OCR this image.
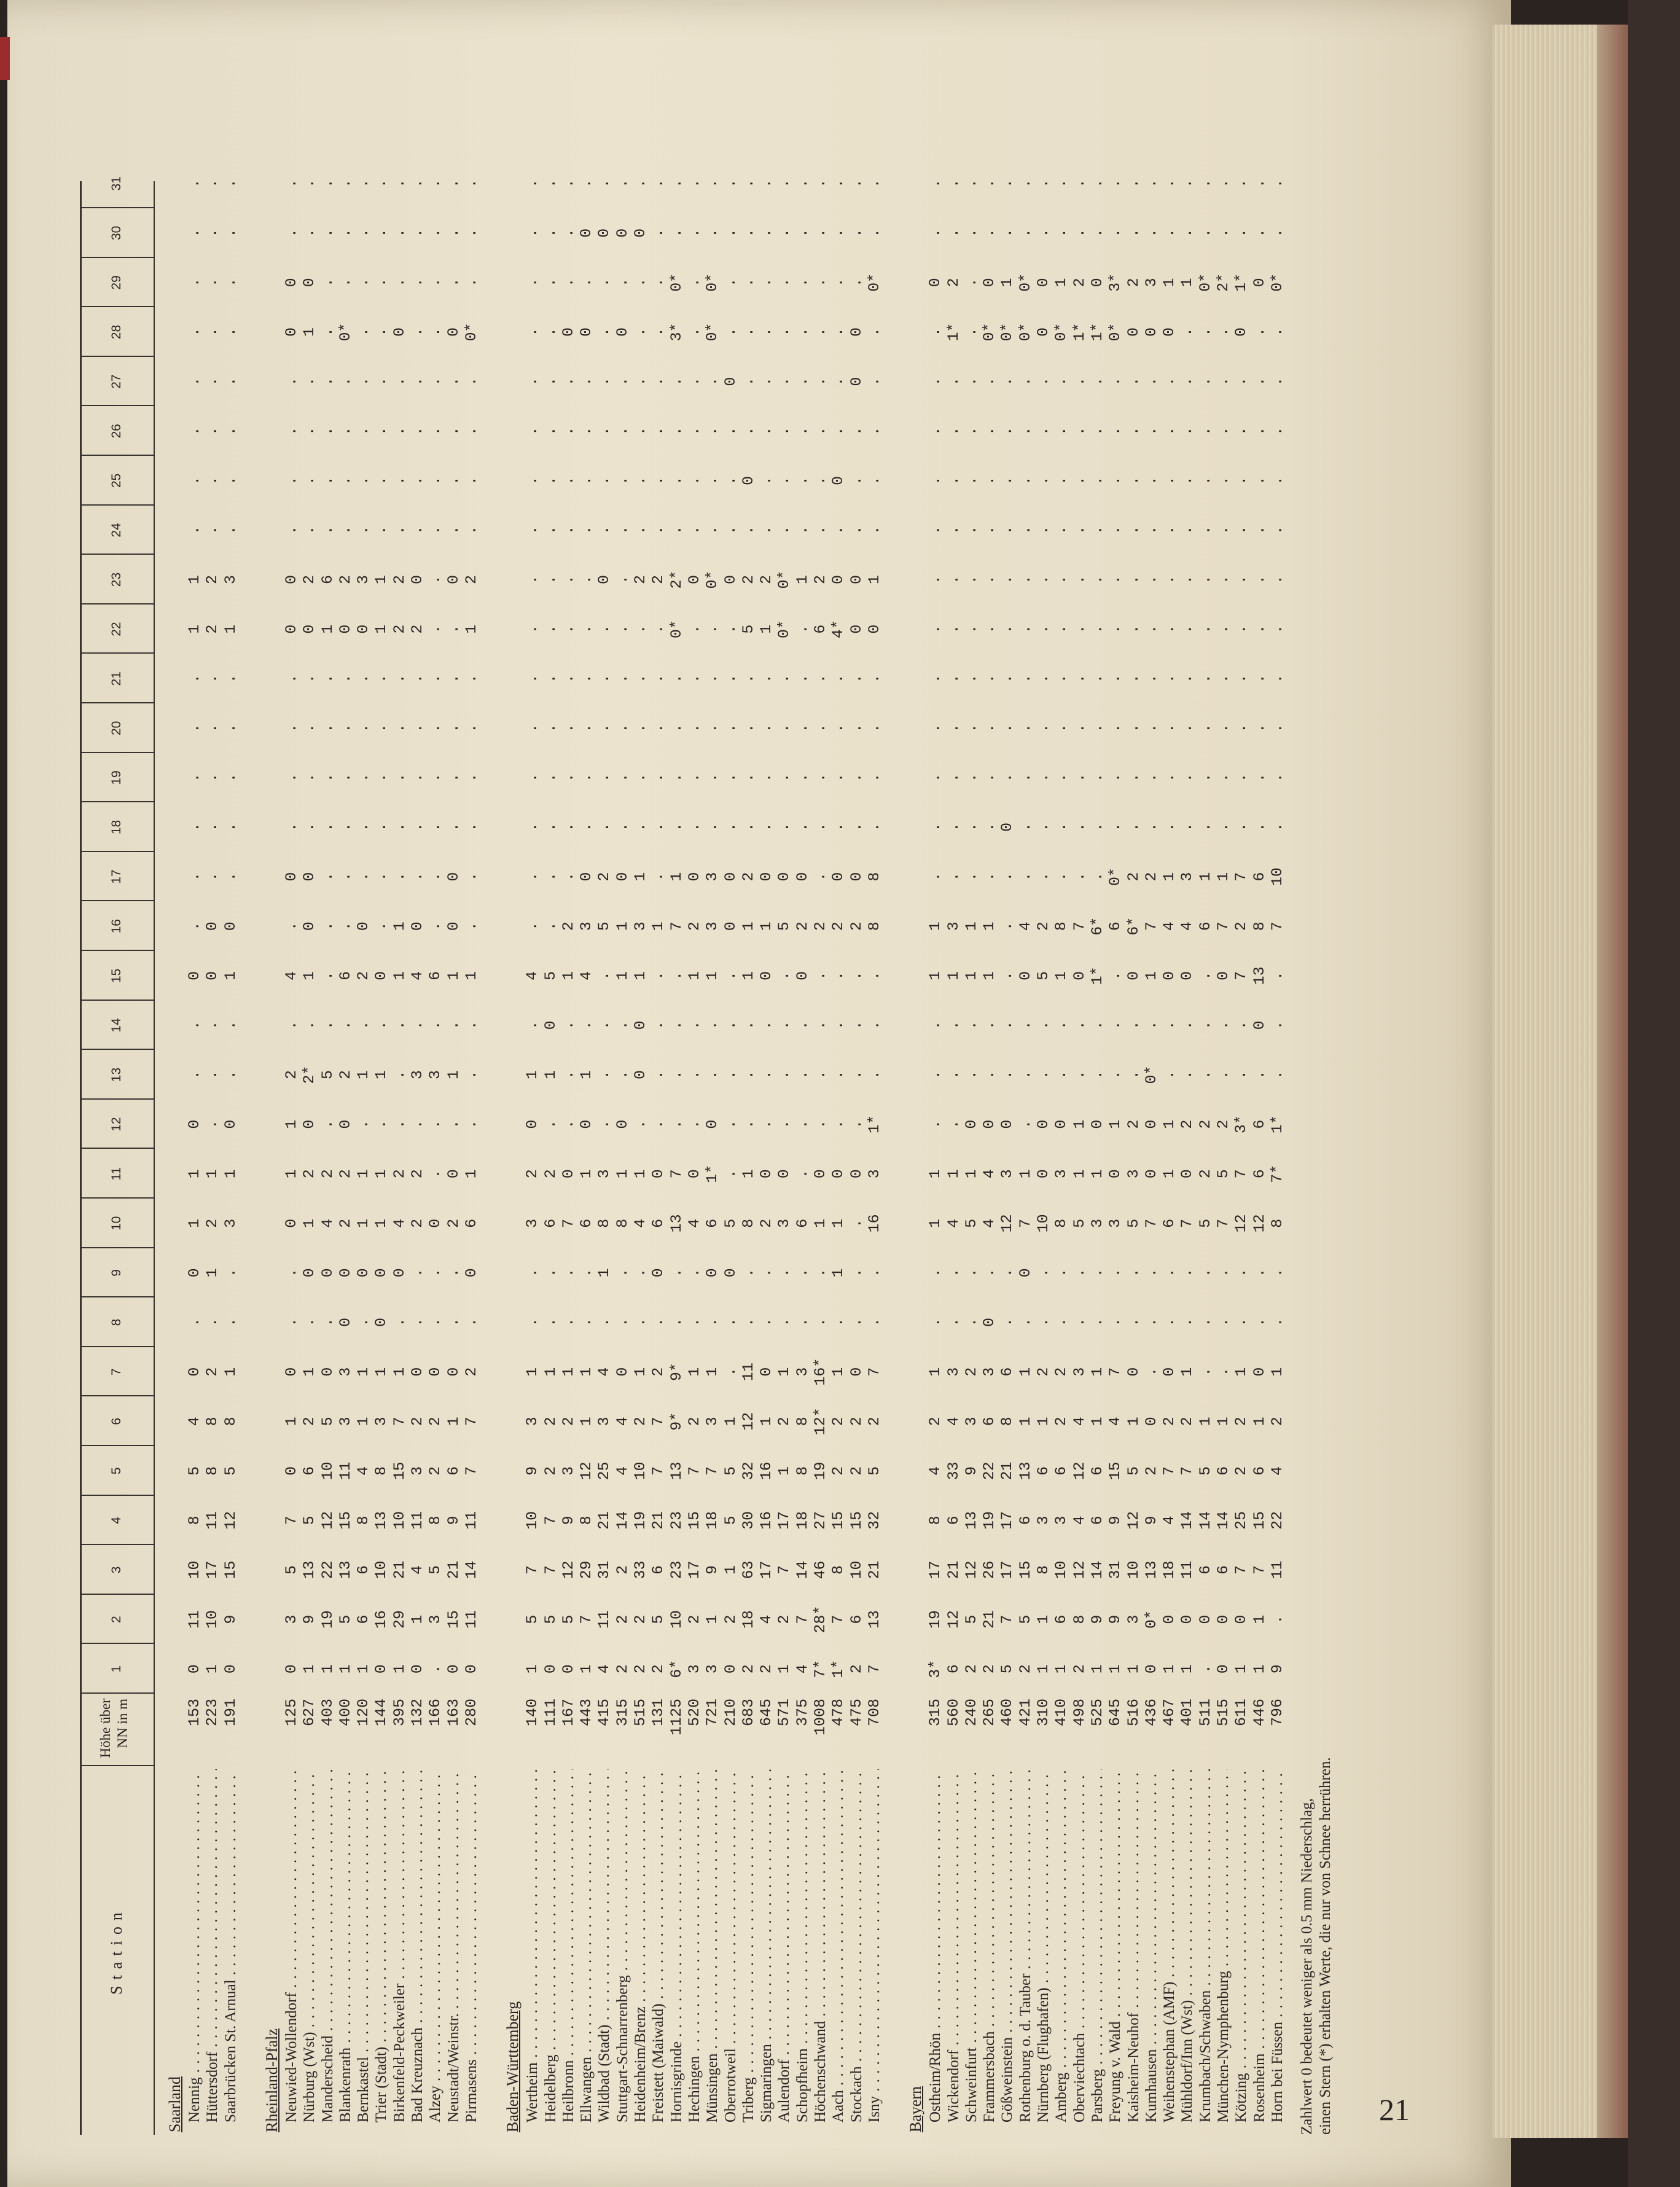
Station
Höhe über NN in m
1
2
3
4
5
6
7
8
9
10
11
12
13
14
15
16
17
18
19
20
21
22
23
24
25
26
27
28
29
30
31
Saarland Nennig . . .
153
0
11
10
8
5
4
0
.
0
1
1
0
.
.
0
.
.
.
.
.
.
1
1
.
.
.
.
.
.
.
.
Hüttersdorf . . .
223
1
10
17
11
8
8
2
.
1
2
1
.
.
.
0
0
.
.
.
.
.
2
2
.
.
.
.
.
.
.
.
Saarbrücken St. Arnual . . .
191
0
9
15
12
5
8
1
.
.
3
1
0
.
.
1
0
.
.
.
.
.
1
3
.
.
.
.
.
.
.
.
Rheinland-Pfalz Neuwied-Wollendorf . . .
125
0
3
5
7
0
1
0
.
.
0
1
1
2
.
4
.
0
.
.
.
.
0
0
.
.
.
.
0
0
.
.
Nürburg (Wst) . . .
627
1
9
13
5
6
2
1
.
0
1
2
0
2*
.
1
0
0
.
.
.
.
0
2
.
.
.
.
1
0
.
.
Manderscheid . . .
403
1
19
22
12
10
5
0
.
0
4
2
.
5
.
.
.
.
.
.
.
.
1
6
.
.
.
.
.
.
.
.
Blankenrath . . .
400
1
5
13
15
11
3
3
0
0
2
2
0
2
.
6
.
.
.
.
.
.
0
2
.
.
.
.
0*
.
.
.
Bernkastel . . .
120
1
6
6
8
4
1
1
.
0
1
1
.
1
.
2
0
.
.
.
.
.
0
3
.
.
.
.
.
.
.
.
Trier (Stadt) . . .
144
0
16
10
13
8
3
1
0
0
1
1
.
1
.
0
.
.
.
.
.
.
1
1
.
.
.
.
.
.
.
.
Birkenfeld-Peckweiler . . .
395
1
29
21
10
15
7
1
.
0
4
2
.
.
.
1
1
.
.
.
.
.
2
2
.
.
.
.
0
.
.
.
Bad Kreuznach . . .
132
0
1
4
11
3
2
0
.
.
2
2
.
3
.
4
0
.
.
.
.
.
2
0
.
.
.
.
.
.
.
.
Alzey . . .
166
.
3
5
8
2
2
0
.
.
0
.
.
3
.
6
.
.
.
.
.
.
.
.
.
.
.
.
.
.
.
.
Neustadt/Weinstr. . . .
163
0
15
21
9
6
1
0
.
.
2
0
.
1
.
1
0
0
.
.
.
.
.
0
.
.
.
.
0
.
.
.
Pirmasens . . .
280
0
11
14
11
7
7
2
.
0
6
1
.
.
.
1
.
.
.
.
.
.
1
2
.
.
.
.
0*
.
.
.
Baden-Württemberg Wertheim . . .
140
1
5
7
10
9
3
1
.
.
3
2
0
1
.
4
.
.
.
.
.
.
.
.
.
.
.
.
.
.
.
.
Heidelberg . . .
111
0
5
7
7
2
2
1
.
.
6
2
.
1
0
5
.
.
.
.
.
.
.
.
.
.
.
.
.
.
.
.
Heilbronn . . .
167
0
5
12
9
3
2
1
.
.
7
0
.
.
.
1
2
.
.
.
.
.
.
.
.
.
.
.
0
.
.
.
Ellwangen . . .
443
1
7
29
8
12
1
1
.
.
6
1
0
1
.
4
3
0
.
.
.
.
.
.
.
.
.
.
0
.
0
.
Wildbad (Stadt) . . .
415
4
11
31
21
25
3
4
.
1
8
3
.
.
.
.
5
2
.
.
.
.
.
0
.
.
.
.
.
.
0
.
Stuttgart-Schnarrenberg . . .
315
2
2
2
14
4
4
0
.
.
8
1
0
.
.
1
1
0
.
.
.
.
.
.
.
.
.
.
0
.
0
.
Heidenheim/Brenz . . .
515
2
2
33
19
10
2
1
.
.
4
1
.
0
0
1
3
1
.
.
.
.
.
2
.
.
.
.
.
.
0
.
Freistett (Maiwald) . . .
131
2
5
6
21
7
7
2
.
0
6
0
.
.
.
.
1
.
.
.
.
.
.
2
.
.
.
.
.
.
.
.
Hornisgrinde . . .
1125
6*
10
23
23
13
9*
9*
.
.
13
7
.
.
.
.
7
1
.
.
.
.
0*
2*
.
.
.
.
3*
0*
.
.
Hechingen . . .
520
3
2
17
15
7
2
1
.
.
4
0
.
.
.
1
2
0
.
.
.
.
.
0
.
.
.
.
.
.
.
.
Münsingen . . .
721
3
1
9
18
7
3
1
.
0
6
1*
0
.
.
1
3
3
.
.
.
.
.
0*
.
.
.
.
0*
0*
.
.
Oberrotweil . . .
210
0
2
1
5
5
1
.
.
0
5
.
.
.
.
.
0
0
.
.
.
.
.
0
.
.
.
0
.
.
.
.
Triberg . . .
683
2
18
63
30
32
12
11
.
.
8
1
.
.
.
1
1
2
.
.
.
.
5
2
.
0
.
.
.
.
.
.
Sigmaringen . . .
645
2
4
17
16
16
1
0
.
.
2
0
.
.
.
0
1
0
.
.
.
.
1
2
.
.
.
.
.
.
.
.
Aulendorf . . .
571
1
2
7
17
1
2
1
.
.
3
0
.
.
.
.
5
0
.
.
.
.
0*
0*
.
.
.
.
.
.
.
.
Schopfheim . . .
375
4
7
14
18
8
8
3
.
.
6
.
.
.
.
0
2
0
.
.
.
.
.
1
.
.
.
.
.
.
.
.
Höchenschwand . . .
1008
7*
28*
46
27
19
12*
16*
.
.
1
0
.
.
.
.
2
.
.
.
.
.
6
2
.
.
.
.
.
.
.
.
Aach . . .
478
1*
7
8
15
2
2
1
.
1
1
0
.
.
.
.
2
0
.
.
.
.
4*
0
.
0
.
.
.
.
.
.
Stockach . . .
475
2
6
10
15
2
2
0
.
.
.
0
.
.
.
.
2
0
.
.
.
.
0
0
.
.
.
0
0
.
.
.
Isny . . .
708
7
13
21
32
5
2
7
.
.
16
3
1*
.
.
.
8
8
.
.
.
.
0
1
.
.
.
.
.
0*
.
.
Bayern Ostheim/Rhön . . .
315
3*
19
17
8
4
2
1
.
.
1
1
.
.
.
1
1
.
.
.
.
.
.
.
.
.
.
.
.
0
.
.
Wickendorf . . .
560
6
12
21
6
33
4
3
.
.
4
1
.
.
.
1
3
.
.
.
.
.
.
.
.
.
.
.
1*
2
.
.
Schweinfurt . . .
240
2
5
12
13
9
3
2
.
.
5
1
0
.
.
1
1
.
.
.
.
.
.
.
.
.
.
.
.
.
.
.
Frammersbach . . .
265
2
21
26
19
22
6
3
0
.
4
4
0
.
.
1
1
.
.
.
.
.
.
.
.
.
.
.
0*
0
.
.
Gößweinstein . . .
460
5
7
17
17
21
8
6
.
.
12
3
0
.
.
.
.
.
0
.
.
.
.
.
.
.
.
.
0*
1
.
.
Rothenburg o. d. Tauber . . .
421
2
5
15
6
13
1
1
.
0
7
1
.
.
.
0
4
.
.
.
.
.
.
.
.
.
.
.
0*
0*
.
.
Nürnberg (Flughafen) . . .
310
1
1
8
3
6
1
2
.
.
10
0
0
.
.
5
2
.
.
.
.
.
.
.
.
.
.
.
0
0
.
.
Amberg . . .
410
1
6
10
3
6
2
2
.
.
8
3
0
.
.
1
8
.
.
.
.
.
.
.
.
.
.
.
0*
1
.
.
Oberviechtach . . .
498
2
8
12
4
12
4
3
.
.
5
1
1
.
.
0
7
.
.
.
.
.
.
.
.
.
.
.
1*
2
.
.
Parsberg . . .
525
1
9
14
6
6
1
1
.
.
3
1
0
.
.
1*
6*
.
.
.
.
.
.
.
.
.
.
.
1*
0
.
.
Freyung v. Wald . . .
645
1
9
31
9
15
4
7
.
.
3
0
1
.
.
.
6
0*
.
.
.
.
.
.
.
.
.
.
0*
3*
.
.
Kaisheim-Neuhof . . .
516
1
3
10
12
5
1
0
.
.
5
3
2
.
.
0
6*
2
.
.
.
.
.
.
.
.
.
.
0
2
.
.
Kumhausen . . .
436
0
0*
13
9
2
0
.
.
.
7
0
0
0*
.
1
7
2
.
.
.
.
.
.
.
.
.
.
0
3
.
.
Weihenstephan (AMF) . . .
467
1
0
18
4
7
2
0
.
.
6
1
1
.
.
0
4
1
.
.
.
.
.
.
.
.
.
.
0
1
.
.
Mühldorf/Inn (Wst) . . .
401
1
0
11
14
7
2
1
.
.
7
0
2
.
.
0
4
3
.
.
.
.
.
.
.
.
.
.
.
1
.
.
Krumbach/Schwaben . . .
511
.
0
6
14
5
1
.
.
.
5
2
2
.
.
.
6
1
.
.
.
.
.
.
.
.
.
.
.
0*
.
.
München-Nymphenburg . . .
515
0
0
6
14
6
1
.
.
.
7
5
2
.
.
0
7
1
.
.
.
.
.
.
.
.
.
.
.
2*
.
.
Kötzing . . .
611
1
0
7
25
2
2
1
.
.
12
7
3*
.
.
7
2
7
.
.
.
.
.
.
.
.
.
.
0
1*
.
.
Rosenheim . . .
446
1
1
7
15
6
1
0
.
.
12
6
6
.
0
13
8
6
.
.
.
.
.
.
.
.
.
.
.
0
.
.
Horn bei Füssen . . .
796
9
.
11
22
4
2
1
.
.
8
7*
1*
.
.
.
7
10
.
.
.
.
.
.
.
.
.
.
.
0*
.
.
Zahlwert 0 bedeutet weniger als 0.5 mm Niederschlag, einen Stern (*) erhalten Werte, die nur von Schnee herrühren. 21
